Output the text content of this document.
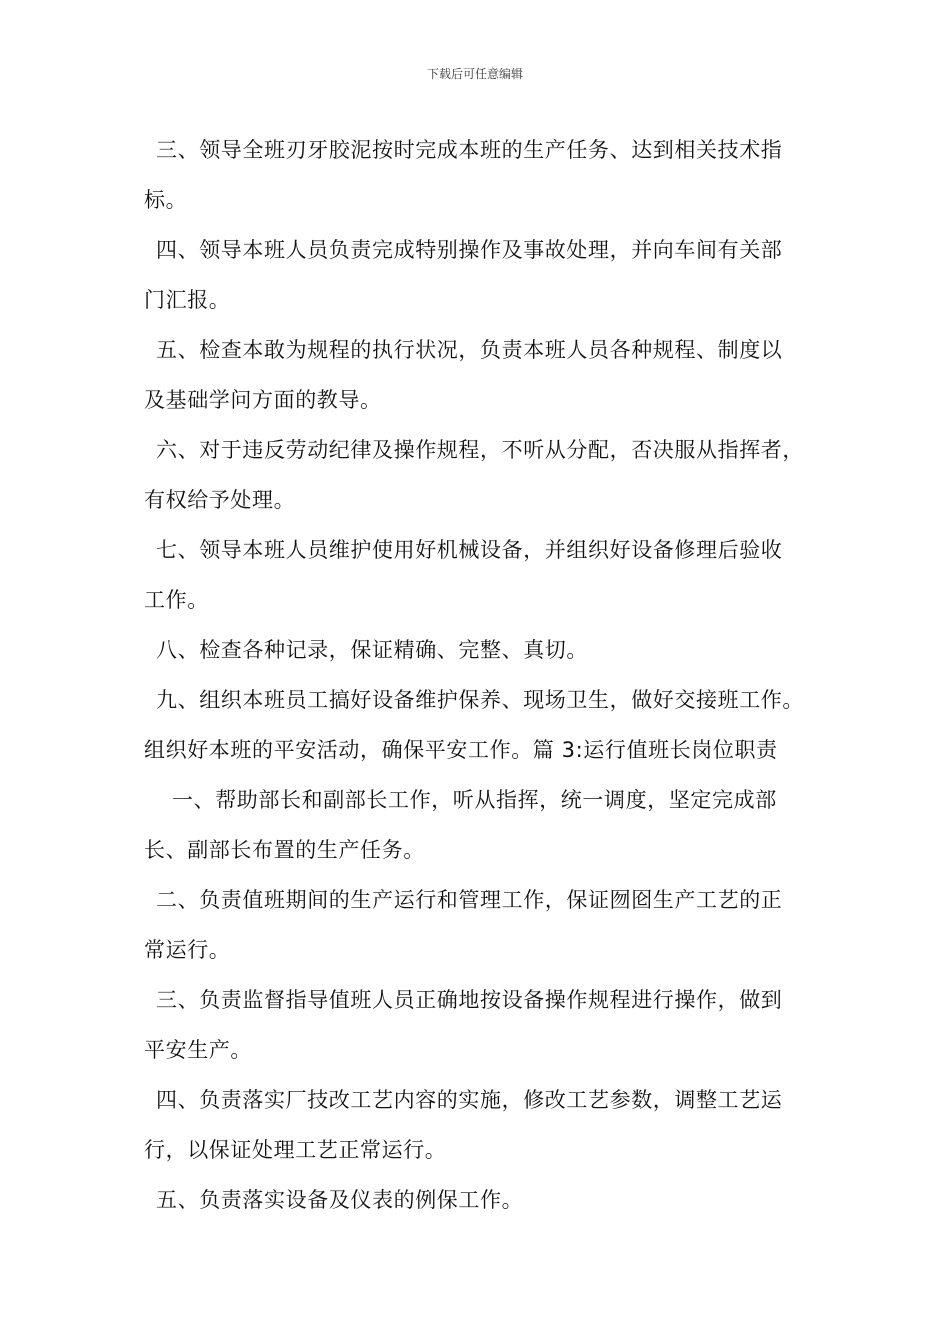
下载后可任意编辑
三、领导全班刃牙胶泥按时完成本班的生产任务、达到相关技术指
标。
四、领导本班人员负责完成特别操作及事故处理，并向车间有关部
门汇报。
五、检查本敢为规程的执行状况，负责本班人员各种规程、制度以
及基础学问方面的教导。
六、对于违反劳动纪律及操作规程，不听从分配，否决服从指挥者，
有权给予处理。
七、领导本班人员维护使用好机械设备，并组织好设备修理后验收
工作。
八、检查各种记录，保证精确、完整、真切。
九、组织本班员工搞好设备维护保养、现场卫生，做好交接班工作。
组织好本班的平安活动，确保平安工作。篇 3:运行值班长岗位职责
一、帮助部长和副部长工作，听从指挥，统一调度，坚定完成部
长、副部长布置的生产任务。
二、负责值班期间的生产运行和管理工作，保证囫囵生产工艺的正
常运行。
三、负责监督指导值班人员正确地按设备操作规程进行操作，做到
平安生产。
四、负责落实厂技改工艺内容的实施，修改工艺参数，调整工艺运
行，以保证处理工艺正常运行。
五、负责落实设备及仪表的例保工作。
